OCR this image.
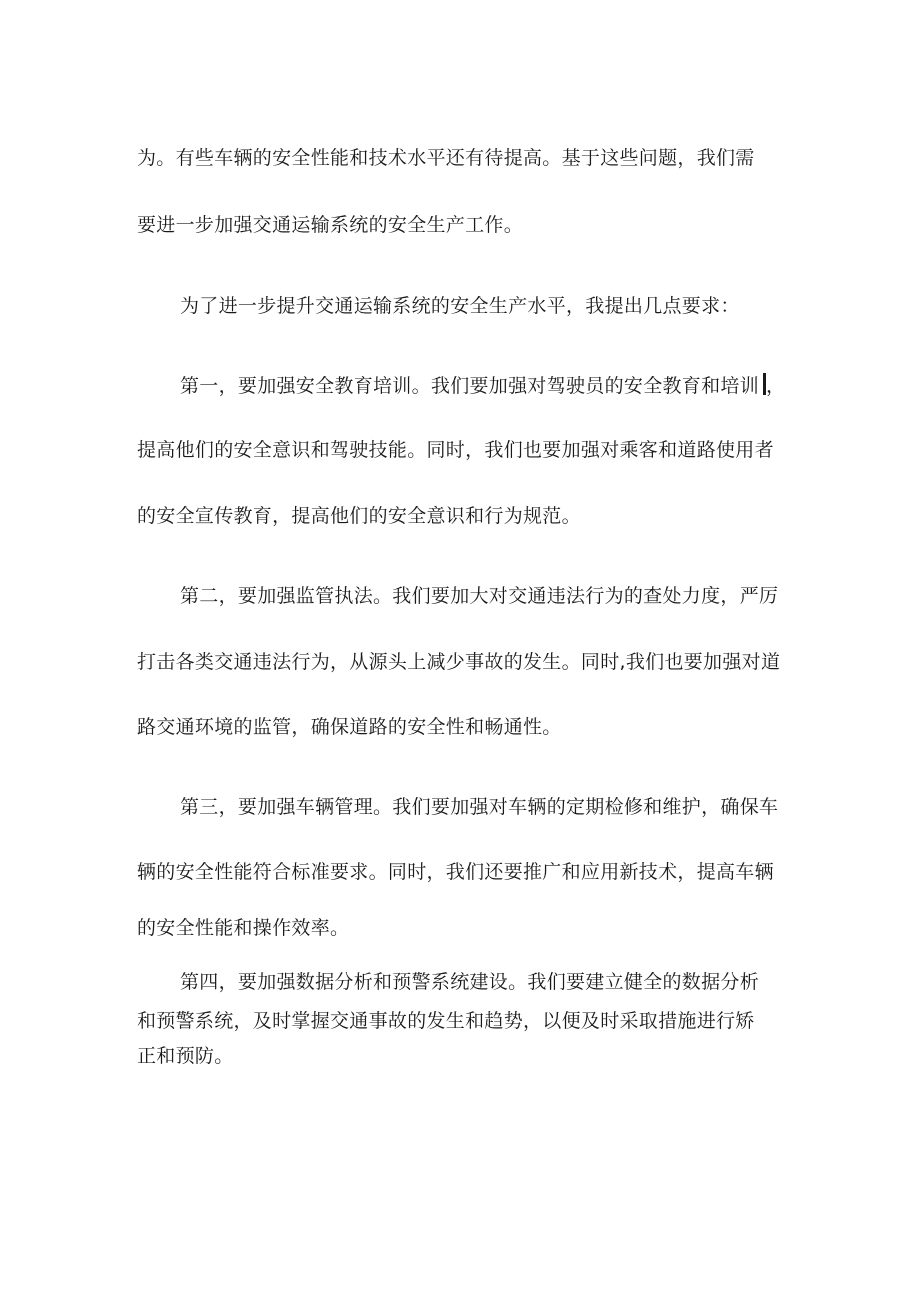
为。有些车辆的安全性能和技术水平还有待提高。基于这些问题，我们需
要进一步加强交通运输系统的安全生产工作。
为了进一步提升交通运输系统的安全生产水平，我提出几点要求：
第一，要加强安全教育培训。我们要加强对驾驶员的安全教育和培训 ，
提高他们的安全意识和驾驶技能。同时，我们也要加强对乘客和道路使用者
的安全宣传教育，提高他们的安全意识和行为规范。
第二，要加强监管执法。我们要加大对交通违法行为的查处力度，严厉
打击各类交通违法行为，从源头上减少事故的发生。同时,我们也要加强对道
路交通环境的监管，确保道路的安全性和畅通性。
第三，要加强车辆管理。我们要加强对车辆的定期检修和维护，确保车
辆的安全性能符合标准要求。同时，我们还要推广和应用新技术，提高车辆
的安全性能和操作效率。
第四，要加强数据分析和预警系统建设。我们要建立健全的数据分析
和预警系统，及时掌握交通事故的发生和趋势，以便及时采取措施进行矫
正和预防。
